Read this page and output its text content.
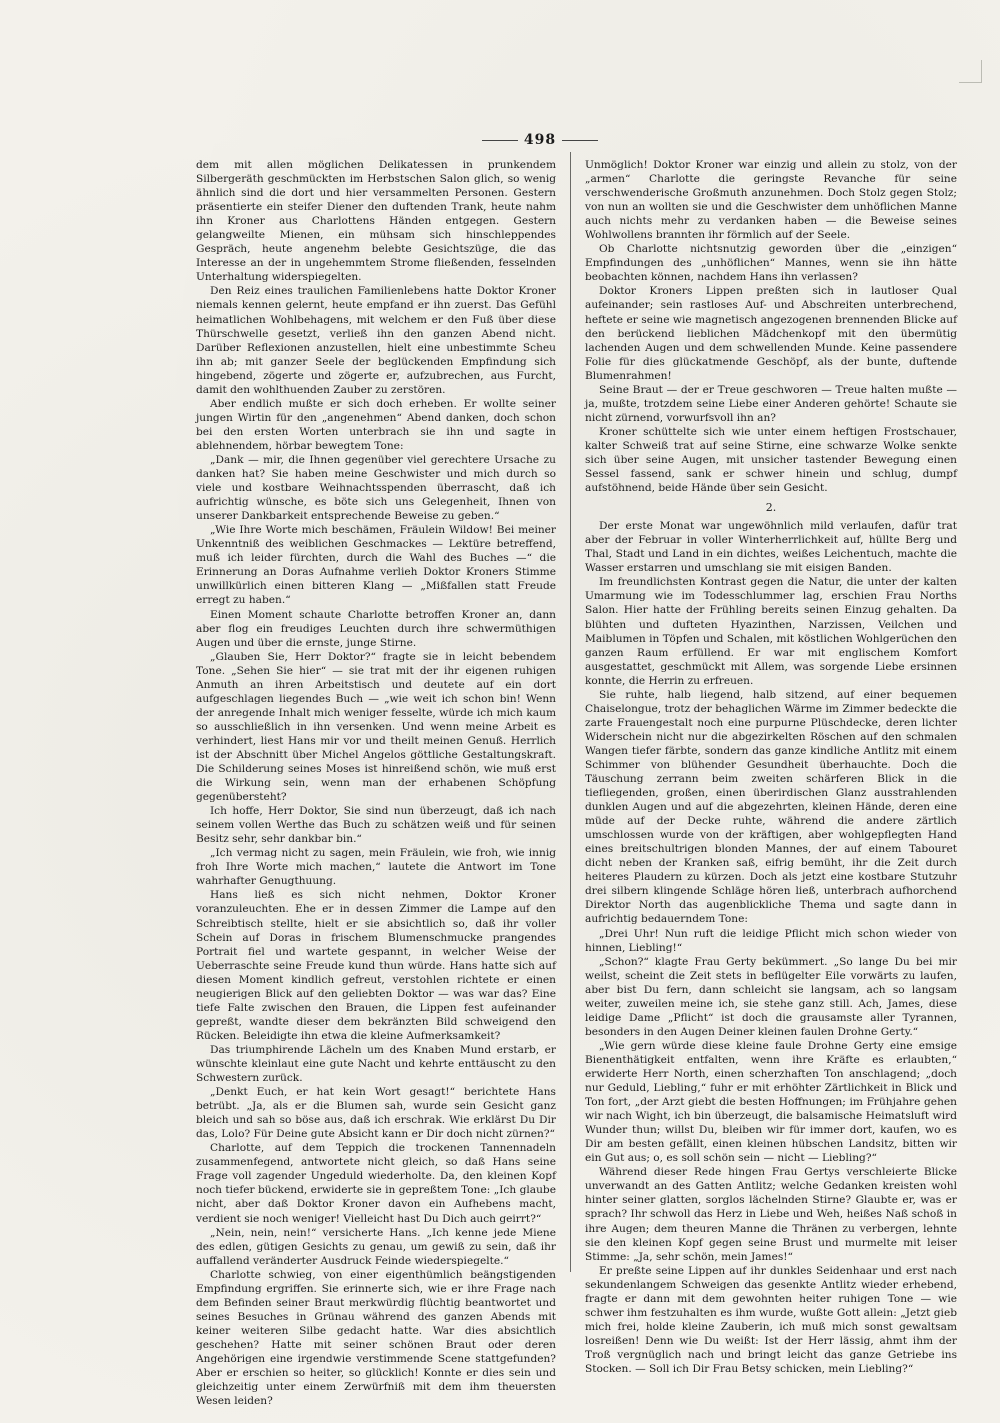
498

dem mit allen möglichen Delikatessen in prunkendem Silbergeräth geschmückten im Herbstschen Salon glich, so wenig ähnlich sind die dort und hier versammelten Personen. Gestern präsentierte ein steifer Diener den duftenden Trank, heute nahm ihn Kroner aus Charlottens Händen entgegen. Gestern gelangweilte Mienen, ein mühsam sich hinschleppendes Gespräch, heute angenehm belebte Gesichtszüge, die das Interesse an der in ungehemmtem Strome fließenden, fesselnden Unterhaltung widerspiegelten.

Den Reiz eines traulichen Familienlebens hatte Doktor Kroner niemals kennen gelernt, heute empfand er ihn zuerst. Das Gefühl heimatlichen Wohlbehagens, mit welchem er den Fuß über diese Thürschwelle gesetzt, verließ ihn den ganzen Abend nicht. Darüber Reflexionen anzustellen, hielt eine unbestimmte Scheu ihn ab; mit ganzer Seele der beglückenden Empfindung sich hingebend, zögerte und zögerte er, aufzubrechen, aus Furcht, damit den wohlthuenden Zauber zu zerstören.

Aber endlich mußte er sich doch erheben. Er wollte seiner jungen Wirtin für den „angenehmen“ Abend danken, doch schon bei den ersten Worten unterbrach sie ihn und sagte in ablehnendem, hörbar bewegtem Tone:

„Dank — mir, die Ihnen gegenüber viel gerechtere Ursache zu danken hat? Sie haben meine Geschwister und mich durch so viele und kostbare Weihnachtsspenden überrascht, daß ich aufrichtig wünsche, es böte sich uns Gelegenheit, Ihnen von unserer Dankbarkeit entsprechende Beweise zu geben.“

„Wie Ihre Worte mich beschämen, Fräulein Wildow! Bei meiner Unkenntniß des weiblichen Geschmackes — Lektüre betreffend, muß ich leider fürchten, durch die Wahl des Buches —“ die Erinnerung an Doras Aufnahme verlieh Doktor Kroners Stimme unwillkürlich einen bitteren Klang — „Mißfallen statt Freude erregt zu haben.“

Einen Moment schaute Charlotte betroffen Kroner an, dann aber flog ein freudiges Leuchten durch ihre schwermüthigen Augen und über die ernste, junge Stirne.

„Glauben Sie, Herr Doktor?“ fragte sie in leicht bebendem Tone. „Sehen Sie hier“ — sie trat mit der ihr eigenen ruhigen Anmuth an ihren Arbeitstisch und deutete auf ein dort aufgeschlagen liegendes Buch — „wie weit ich schon bin! Wenn der anregende Inhalt mich weniger fesselte, würde ich mich kaum so ausschließlich in ihn versenken. Und wenn meine Arbeit es verhindert, liest Hans mir vor und theilt meinen Genuß. Herrlich ist der Abschnitt über Michel Angelos göttliche Gestaltungskraft. Die Schilderung seines Moses ist hinreißend schön, wie muß erst die Wirkung sein, wenn man der erhabenen Schöpfung gegenübersteht?

Ich hoffe, Herr Doktor, Sie sind nun überzeugt, daß ich nach seinem vollen Werthe das Buch zu schätzen weiß und für seinen Besitz sehr, sehr dankbar bin.“

„Ich vermag nicht zu sagen, mein Fräulein, wie froh, wie innig froh Ihre Worte mich machen,“ lautete die Antwort im Tone wahrhafter Genugthuung.

Hans ließ es sich nicht nehmen, Doktor Kroner voranzuleuchten. Ehe er in dessen Zimmer die Lampe auf den Schreibtisch stellte, hielt er sie absichtlich so, daß ihr voller Schein auf Doras in frischem Blumenschmucke prangendes Portrait fiel und wartete gespannt, in welcher Weise der Ueberraschte seine Freude kund thun würde. Hans hatte sich auf diesen Moment kindlich gefreut, verstohlen richtete er einen neugierigen Blick auf den geliebten Doktor — was war das? Eine tiefe Falte zwischen den Brauen, die Lippen fest aufeinander gepreßt, wandte dieser dem bekränzten Bild schweigend den Rücken. Beleidigte ihn etwa die kleine Aufmerksamkeit?

Das triumphirende Lächeln um des Knaben Mund erstarb, er wünschte kleinlaut eine gute Nacht und kehrte enttäuscht zu den Schwestern zurück.

„Denkt Euch, er hat kein Wort gesagt!“ berichtete Hans betrübt. „Ja, als er die Blumen sah, wurde sein Gesicht ganz bleich und sah so böse aus, daß ich erschrak. Wie erklärst Du Dir das, Lolo? Für Deine gute Absicht kann er Dir doch nicht zürnen?“

Charlotte, auf dem Teppich die trockenen Tannennadeln zusammenfegend, antwortete nicht gleich, so daß Hans seine Frage voll zagender Ungeduld wiederholte. Da, den kleinen Kopf noch tiefer bückend, erwiderte sie in gepreßtem Tone: „Ich glaube nicht, aber daß Doktor Kroner davon ein Aufhebens macht, verdient sie noch weniger! Vielleicht hast Du Dich auch geirrt?“

„Nein, nein, nein!“ versicherte Hans. „Ich kenne jede Miene des edlen, gütigen Gesichts zu genau, um gewiß zu sein, daß ihr auffallend veränderter Ausdruck Feinde wiederspiegelte.“

Charlotte schwieg, von einer eigenthümlich beängstigenden Empfindung ergriffen. Sie erinnerte sich, wie er ihre Frage nach dem Befinden seiner Braut merkwürdig flüchtig beantwortet und seines Besuches in Grünau während des ganzen Abends mit keiner weiteren Silbe gedacht hatte. War dies absichtlich geschehen? Hatte mit seiner schönen Braut oder deren Angehörigen eine irgendwie verstimmende Scene stattgefunden? Aber er erschien so heiter, so glücklich! Konnte er dies sein und gleichzeitig unter einem Zerwürfniß mit dem ihm theuersten Wesen leiden?

Unmöglich! Doktor Kroner war einzig und allein zu stolz, von der „armen“ Charlotte die geringste Revanche für seine verschwenderische Großmuth anzunehmen. Doch Stolz gegen Stolz; von nun an wollten sie und die Geschwister dem unhöflichen Manne auch nichts mehr zu verdanken haben — die Beweise seines Wohlwollens brannten ihr förmlich auf der Seele.

Ob Charlotte nichtsnutzig geworden über die „einzigen“ Empfindungen des „unhöflichen“ Mannes, wenn sie ihn hätte beobachten können, nachdem Hans ihn verlassen?

Doktor Kroners Lippen preßten sich in lautloser Qual aufeinander; sein rastloses Auf- und Abschreiten unterbrechend, heftete er seine wie magnetisch angezogenen brennenden Blicke auf den berückend lieblichen Mädchenkopf mit den übermütig lachenden Augen und dem schwellenden Munde. Keine passendere Folie für dies glückatmende Geschöpf, als der bunte, duftende Blumenrahmen!

Seine Braut — der er Treue geschworen — Treue halten mußte — ja, mußte, trotzdem seine Liebe einer Anderen gehörte! Schaute sie nicht zürnend, vorwurfsvoll ihn an?

Kroner schüttelte sich wie unter einem heftigen Frostschauer, kalter Schweiß trat auf seine Stirne, eine schwarze Wolke senkte sich über seine Augen, mit unsicher tastender Bewegung einen Sessel fassend, sank er schwer hinein und schlug, dumpf aufstöhnend, beide Hände über sein Gesicht.

2.

Der erste Monat war ungewöhnlich mild verlaufen, dafür trat aber der Februar in voller Winterherrlichkeit auf, hüllte Berg und Thal, Stadt und Land in ein dichtes, weißes Leichentuch, machte die Wasser erstarren und umschlang sie mit eisigen Banden.

Im freundlichsten Kontrast gegen die Natur, die unter der kalten Umarmung wie im Todesschlummer lag, erschien Frau Norths Salon. Hier hatte der Frühling bereits seinen Einzug gehalten. Da blühten und dufteten Hyazinthen, Narzissen, Veilchen und Maiblumen in Töpfen und Schalen, mit köstlichen Wohlgerüchen den ganzen Raum erfüllend. Er war mit englischem Komfort ausgestattet, geschmückt mit Allem, was sorgende Liebe ersinnen konnte, die Herrin zu erfreuen.

Sie ruhte, halb liegend, halb sitzend, auf einer bequemen Chaiselongue, trotz der behaglichen Wärme im Zimmer bedeckte die zarte Frauengestalt noch eine purpurne Plüschdecke, deren lichter Widerschein nicht nur die abgezirkelten Röschen auf den schmalen Wangen tiefer färbte, sondern das ganze kindliche Antlitz mit einem Schimmer von blühender Gesundheit überhauchte. Doch die Täuschung zerrann beim zweiten schärferen Blick in die tiefliegenden, großen, einen überirdischen Glanz ausstrahlenden dunklen Augen und auf die abgezehrten, kleinen Hände, deren eine müde auf der Decke ruhte, während die andere zärtlich umschlossen wurde von der kräftigen, aber wohlgepflegten Hand eines breitschultrigen blonden Mannes, der auf einem Tabouret dicht neben der Kranken saß, eifrig bemüht, ihr die Zeit durch heiteres Plaudern zu kürzen. Doch als jetzt eine kostbare Stutzuhr drei silbern klingende Schläge hören ließ, unterbrach aufhorchend Direktor North das augenblickliche Thema und sagte dann in aufrichtig bedauerndem Tone:

„Drei Uhr! Nun ruft die leidige Pflicht mich schon wieder von hinnen, Liebling!“

„Schon?“ klagte Frau Gerty bekümmert. „So lange Du bei mir weilst, scheint die Zeit stets in beflügelter Eile vorwärts zu laufen, aber bist Du fern, dann schleicht sie langsam, ach so langsam weiter, zuweilen meine ich, sie stehe ganz still. Ach, James, diese leidige Dame „Pflicht“ ist doch die grausamste aller Tyrannen, besonders in den Augen Deiner kleinen faulen Drohne Gerty.“

„Wie gern würde diese kleine faule Drohne Gerty eine emsige Bienenthätigkeit entfalten, wenn ihre Kräfte es erlaubten,“ erwiderte Herr North, einen scherzhaften Ton anschlagend; „doch nur Geduld, Liebling,“ fuhr er mit erhöhter Zärtlichkeit in Blick und Ton fort, „der Arzt giebt die besten Hoffnungen; im Frühjahre gehen wir nach Wight, ich bin überzeugt, die balsamische Heimatsluft wird Wunder thun; willst Du, bleiben wir für immer dort, kaufen, wo es Dir am besten gefällt, einen kleinen hübschen Landsitz, bitten wir ein Gut aus; o, es soll schön sein — nicht — Liebling?“

Während dieser Rede hingen Frau Gertys verschleierte Blicke unverwandt an des Gatten Antlitz; welche Gedanken kreisten wohl hinter seiner glatten, sorglos lächelnden Stirne? Glaubte er, was er sprach? Ihr schwoll das Herz in Liebe und Weh, heißes Naß schoß in ihre Augen; dem theuren Manne die Thränen zu verbergen, lehnte sie den kleinen Kopf gegen seine Brust und murmelte mit leiser Stimme: „Ja, sehr schön, mein James!“

Er preßte seine Lippen auf ihr dunkles Seidenhaar und erst nach sekundenlangem Schweigen das gesenkte Antlitz wieder erhebend, fragte er dann mit dem gewohnten heiter ruhigen Tone — wie schwer ihm festzuhalten es ihm wurde, wußte Gott allein: „Jetzt gieb mich frei, holde kleine Zauberin, ich muß mich sonst gewaltsam losreißen! Denn wie Du weißt: Ist der Herr lässig, ahmt ihm der Troß vergnüglich nach und bringt leicht das ganze Getriebe ins Stocken. — Soll ich Dir Frau Betsy schicken, mein Liebling?“
